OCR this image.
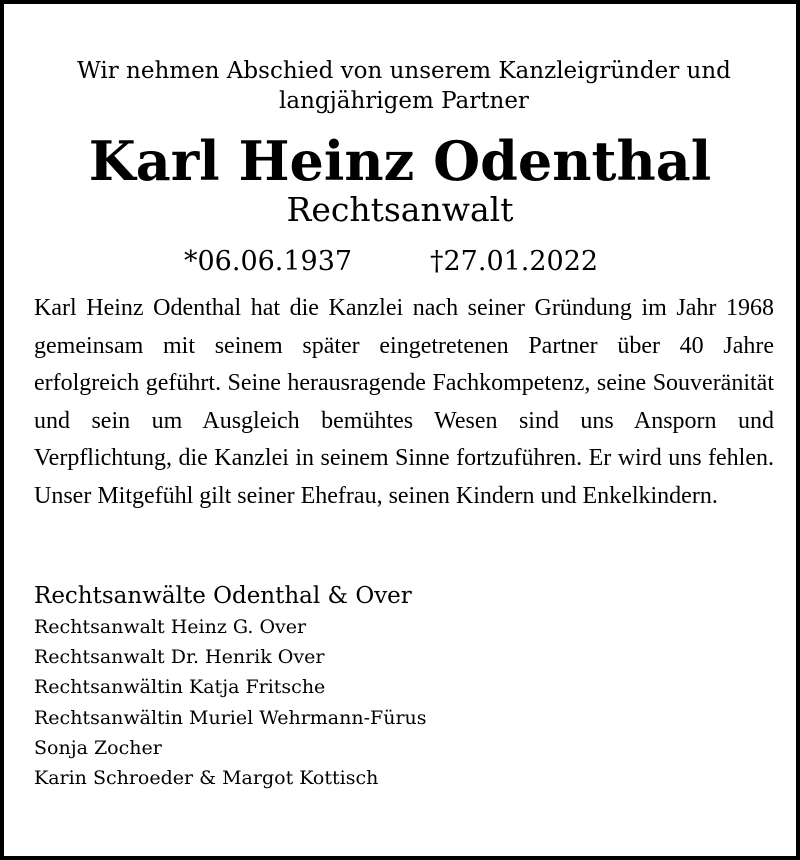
Wir nehmen Abschied von unserem Kanzleigründer und
langjährigem Partner
Karl Heinz Odenthal
Rechtsanwalt
*06.06.1937	†27.01.2022
Karl Heinz Odenthal hat die Kanzlei nach seiner Gründung im Jahr 1968 gemeinsam mit seinem später eingetretenen Partner über 40 Jahre erfolgreich geführt. Seine herausragende Fachkompetenz, seine Souveränität und sein um Ausgleich bemühtes Wesen sind uns Ansporn und Verpflichtung, die Kanzlei in seinem Sinne fortzuführen. Er wird uns fehlen. Unser Mitgefühl gilt seiner Ehefrau, seinen Kindern und Enkelkindern.
Rechtsanwälte Odenthal & Over
Rechtsanwalt Heinz G. Over
Rechtsanwalt Dr. Henrik Over
Rechtsanwältin Katja Fritsche
Rechtsanwältin Muriel Wehrmann-Fürus
Sonja Zocher
Karin Schroeder & Margot Kottisch
